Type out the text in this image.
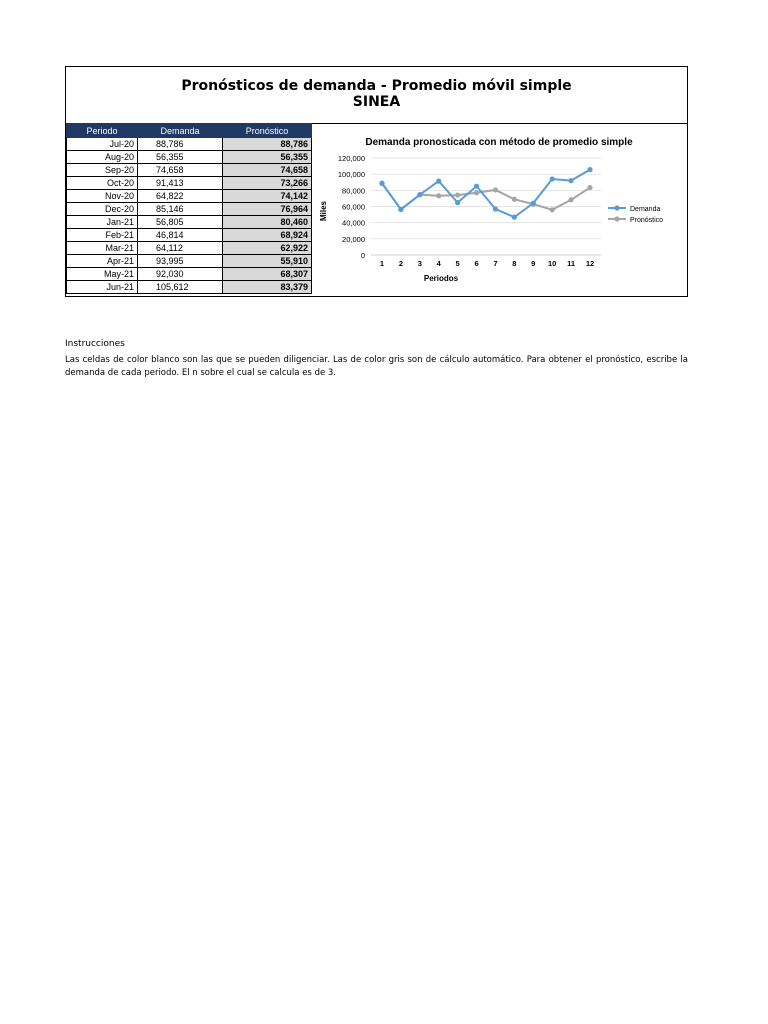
Pronósticos de demanda - Promedio móvil simple
SINEA
Periodo	Demanda	Pronóstico
Jul-20	88,786	88,786
Aug-20	56,355	56,355
Sep-20	74,658	74,658
Oct-20	91,413	73,266
Nov-20	64,822	74,142
Dec-20	85,146	76,964
Jan-21	56,805	80,460
Feb-21	46,814	68,924
Mar-21	64,112	62,922
Apr-21	93,995	55,910
May-21	92,030	68,307
Jun-21	105,612	83,379
Demanda pronosticada con método de promedio simple
Periodos
Miles
0
20,000
40,000
60,000
80,000
100,000
120,000
1 2 3 4 5 6 7 8 9 10 11 12
Demanda
Pronóstico
Instrucciones
Las celdas de color blanco son las que se pueden diligenciar. Las de color gris son de cálculo automático. Para obtener el pronóstico, escribe la demanda de cada periodo. El n sobre el cual se calcula es de 3.
